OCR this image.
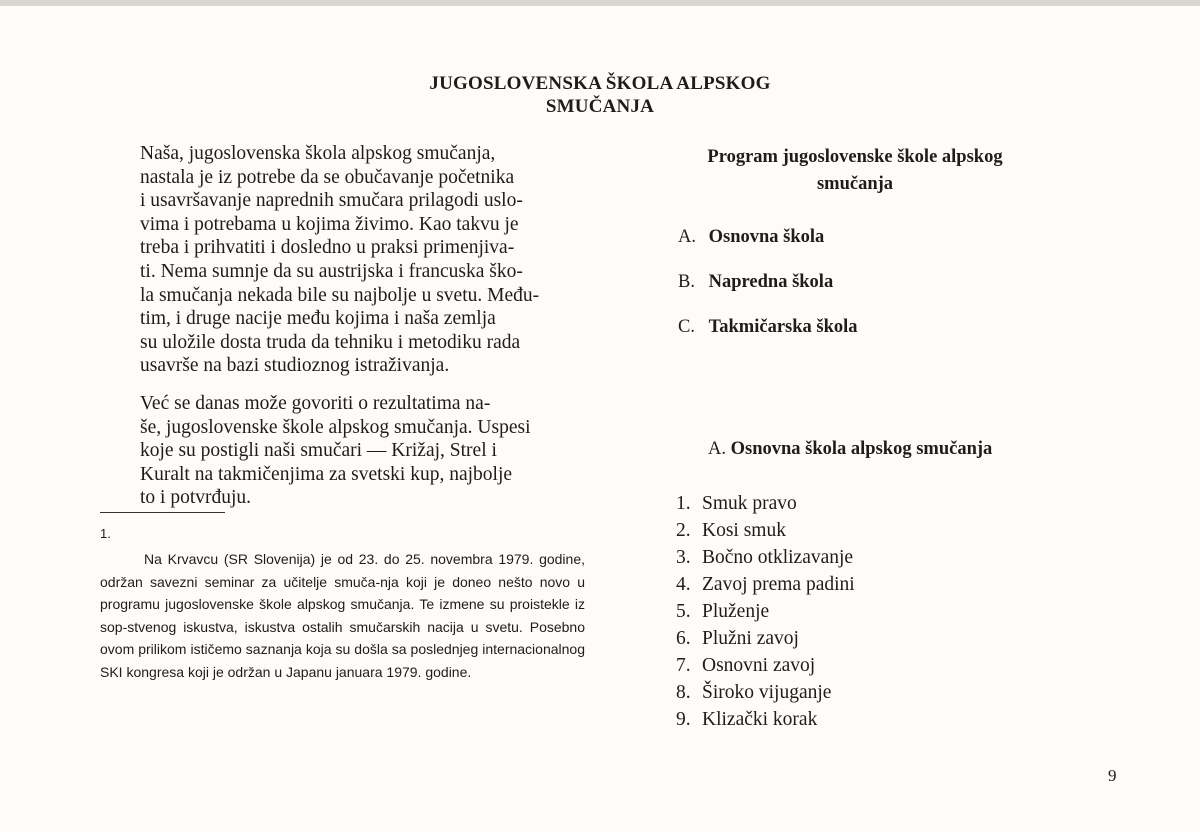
JUGOSLOVENSKA ŠKOLA ALPSKOG
SMUČANJA

Naša, jugoslovenska škola alpskog smučanja,
nastala je iz potrebe da se obučavanje početnika
i usavršavanje naprednih smučara prilagodi uslo-
vima i potrebama u kojima živimo. Kao takvu je
treba i prihvatiti i dosledno u praksi primenjiva-
ti. Nema sumnje da su austrijska i francuska ško-
la smučanja nekada bile su najbolje u svetu. Među-
tim, i druge nacije među kojima i naša zemlja
su uložile dosta truda da tehniku i metodiku rada
usavrše na bazi studioznog istraživanja.

Već se danas može govoriti o rezultatima na-
še, jugoslovenske škole alpskog smučanja. Uspesi
koje su postigli naši smučari — Križaj, Strel i
Kuralt na takmičenjima za svetski kup, najbolje
to i potvrđuju.

1.

Na Krvavcu (SR Slovenija) je od 23. do 25. novembra 1979. godine, održan savezni seminar za učitelje smuča-nja koji je doneo nešto novo u programu jugoslovenske škole alpskog smučanja. Te izmene su proistekle iz sop-stvenog iskustva, iskustva ostalih smučarskih nacija u svetu. Posebno ovom prilikom ističemo saznanja koja su došla sa poslednjeg internacionalnog SKI kongresa koji je održan u Japanu januara 1979. godine.

Program jugoslovenske škole alpskog
smučanja
A. Osnovna škola
B. Napredna škola
C. Takmičarska škola
A. Osnovna škola alpskog smučanja
1. Smuk pravo
2. Kosi smuk
3. Bočno otklizavanje
4. Zavoj prema padini
5. Pluženje
6. Plužni zavoj
7. Osnovni zavoj
8. Široko vijuganje
9. Klizački korak
9
